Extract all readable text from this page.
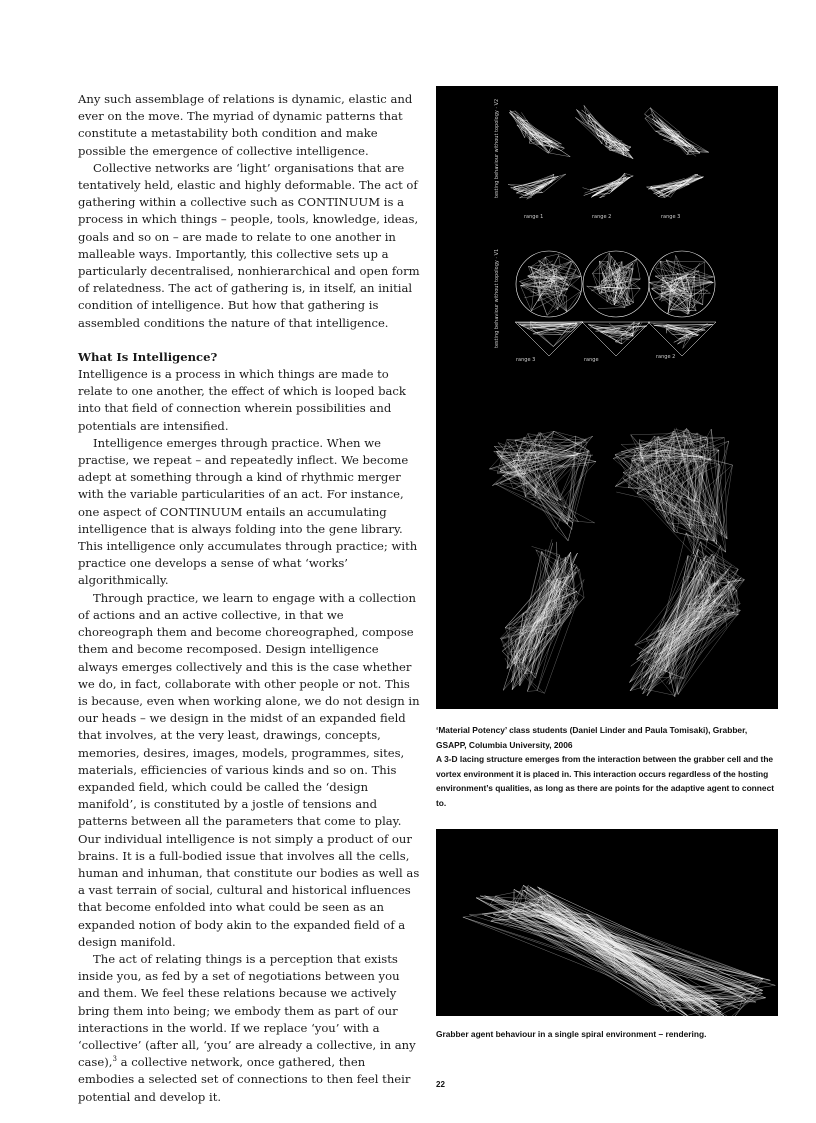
Any such assemblage of relations is dynamic, elastic and ever on the move. The myriad of dynamic patterns that constitute a metastability both condition and make possible the emergence of collective intelligence.

Collective networks are ‘light’ organisations that are tentatively held, elastic and highly deformable. The act of gathering within a collective such as CONTINUUM is a process in which things – people, tools, knowledge, ideas, goals and so on – are made to relate to one another in malleable ways. Importantly, this collective sets up a particularly decentralised, nonhierarchical and open form of relatedness. The act of gathering is, in itself, an initial condition of intelligence. But how that gathering is assembled conditions the nature of that intelligence.

What Is Intelligence?

Intelligence is a process in which things are made to relate to one another, the effect of which is looped back into that field of connection wherein possibilities and potentials are intensified.

Intelligence emerges through practice. When we practise, we repeat – and repeatedly inflect. We become adept at something through a kind of rhythmic merger with the variable particularities of an act. For instance, one aspect of CONTINUUM entails an accumulating intelligence that is always folding into the gene library. This intelligence only accumulates through practice; with practice one develops a sense of what ‘works’ algorithmically.

Through practice, we learn to engage with a collection of actions and an active collective, in that we choreograph them and become choreographed, compose them and become recomposed. Design intelligence always emerges collectively and this is the case whether we do, in fact, collaborate with other people or not. This is because, even when working alone, we do not design in our heads – we design in the midst of an expanded field that involves, at the very least, drawings, concepts, memories, desires, images, models, programmes, sites, materials, efficiencies of various kinds and so on. This expanded field, which could be called the ‘design manifold’, is constituted by a jostle of tensions and patterns between all the parameters that come to play. Our individual intelligence is not simply a product of our brains. It is a full-bodied issue that involves all the cells, human and inhuman, that constitute our bodies as well as a vast terrain of social, cultural and historical influences that become enfolded into what could be seen as an expanded notion of body akin to the expanded field of a design manifold.

The act of relating things is a perception that exists inside you, as fed by a set of negotiations between you and them. We feel these relations because we actively bring them into being; we embody them as part of our interactions in the world. If we replace ‘you’ with a ‘collective’ (after all, ‘you’ are already a collective, in any case),$^3$ a collective network, once gathered, then embodies a selected set of connections to then feel their potential and develop it.

testing behaviour without topology · V2
testing behaviour without topology · V1
range 1	range 2	range 3
range 3	range	range 2
‘Material Potency’ class students (Daniel Linder and Paula Tomisaki), Grabber, GSAPP, Columbia University, 2006
A 3-D lacing structure emerges from the interaction between the grabber cell and the vortex environment it is placed in. This interaction occurs regardless of the hosting environment’s qualities, as long as there are points for the adaptive agent to connect to.
Grabber agent behaviour in a single spiral environment – rendering.
22
